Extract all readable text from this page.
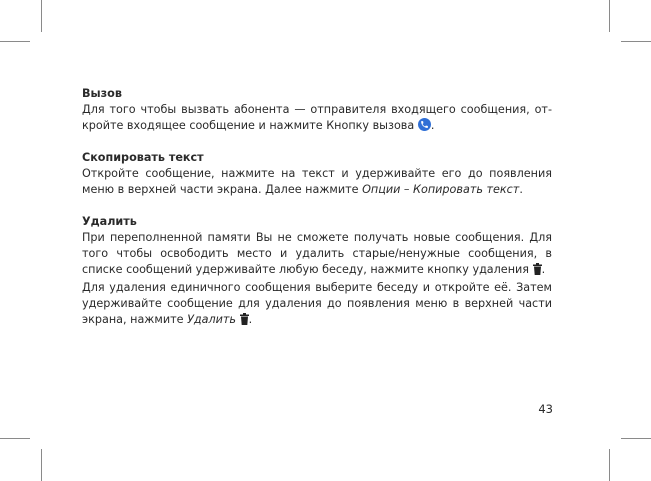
Вызов

Для того чтобы вызвать абонента — отправителя входящего сообщения, от-кройте входящее сообщение и нажмите Кнопку вызова .

Скопировать текст

Откройте сообщение, нажмите на текст и удерживайте его до появления меню в верхней части экрана. Далее нажмите Опции – Копировать текст.

Удалить

При переполненной памяти Вы не сможете получать новые сообщения. Для того чтобы освободить место и удалить старые/ненужные сообщения, в списке сообщений удерживайте любую беседу, нажмите кнопку удаления .

Для удаления единичного сообщения выберите беседу и откройте её. Затем удерживайте сообщение для удаления до появления меню в верхней части экрана, нажмите Удалить .

43
